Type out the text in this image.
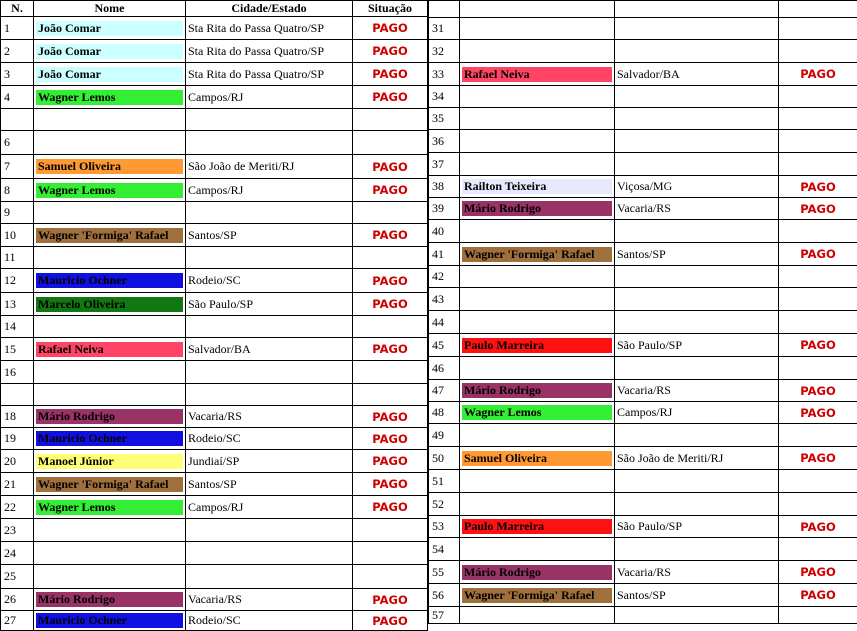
N.	Nome	Cidade/Estado	Situação
1	João Comar	Sta Rita do Passa Quatro/SP	PAGO
2	João Comar	Sta Rita do Passa Quatro/SP	PAGO
3	João Comar	Sta Rita do Passa Quatro/SP	PAGO
4	Wagner Lemos	Campos/RJ	PAGO

6			
7	Samuel Oliveira	São João de Meriti/RJ	PAGO
8	Wagner Lemos	Campos/RJ	PAGO
9			
10	Wagner 'Formiga' Rafael	Santos/SP	PAGO
11			
12	Mauricio Ochner	Rodeio/SC	PAGO
13	Marcelo Oliveira	São Paulo/SP	PAGO
14			
15	Rafael Neiva	Salvador/BA	PAGO
16			

18	Mário Rodrigo	Vacaria/RS	PAGO
19	Mauricio Ochner	Rodeio/SC	PAGO
20	Manoel Júnior	Jundiaí/SP	PAGO
21	Wagner 'Formiga' Rafael	Santos/SP	PAGO
22	Wagner Lemos	Campos/RJ	PAGO
23			
24			
25			
26	Mário Rodrigo	Vacaria/RS	PAGO
27	Mauricio Ochner	Rodeio/SC	PAGO

31			
32			
33	Rafael Neiva	Salvador/BA	PAGO
34			
35			
36			
37			
38	Railton Teixeira	Viçosa/MG	PAGO
39	Mário Rodrigo	Vacaria/RS	PAGO
40			
41	Wagner 'Formiga' Rafael	Santos/SP	PAGO
42			
43			
44			
45	Paulo Marreira	São Paulo/SP	PAGO
46			
47	Mário Rodrigo	Vacaria/RS	PAGO
48	Wagner Lemos	Campos/RJ	PAGO
49			
50	Samuel Oliveira	São João de Meriti/RJ	PAGO
51			
52			
53	Paulo Marreira	São Paulo/SP	PAGO
54			
55	Mário Rodrigo	Vacaria/RS	PAGO
56	Wagner 'Formiga' Rafael	Santos/SP	PAGO
57			
